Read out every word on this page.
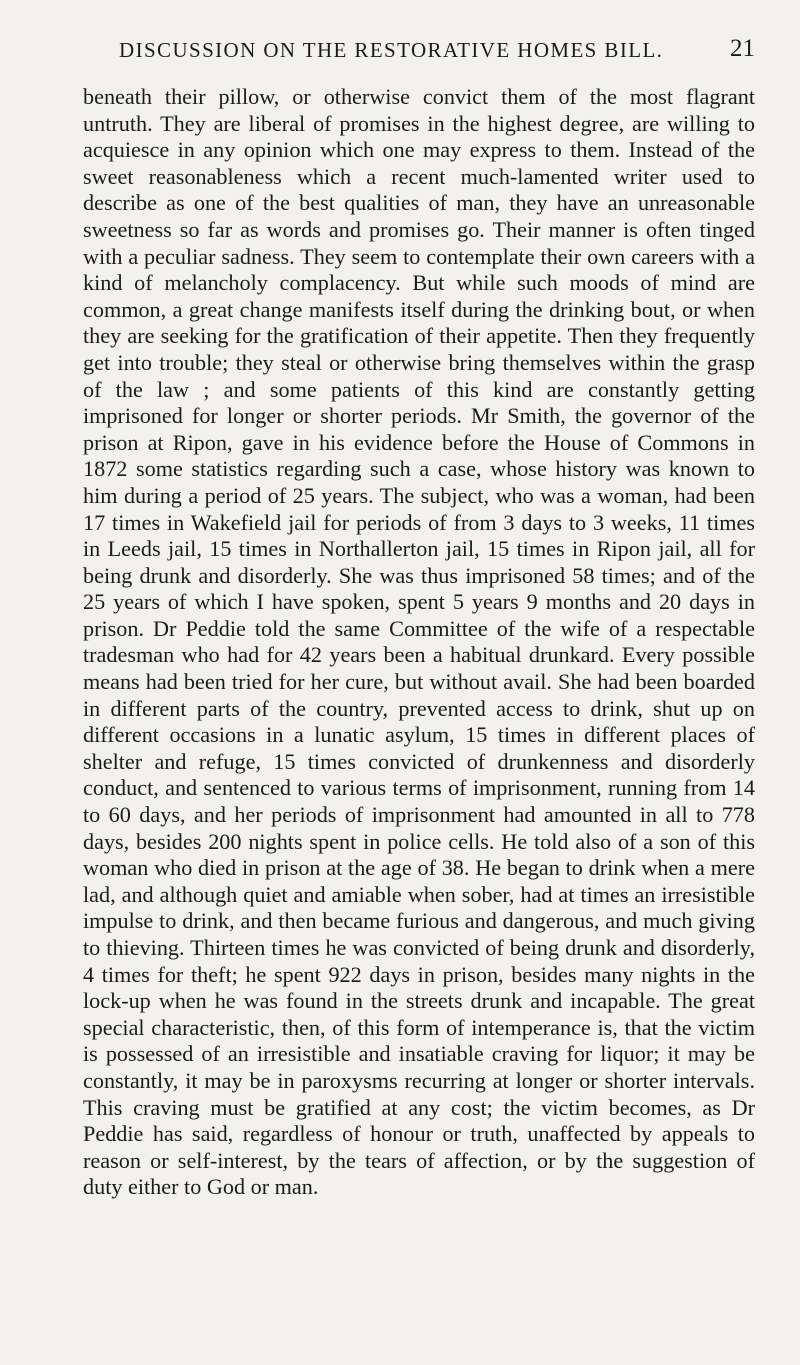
DISCUSSION ON THE RESTORATIVE HOMES BILL.	21

beneath their pillow, or otherwise convict them of the most flagrant untruth. They are liberal of promises in the highest degree, are willing to acquiesce in any opinion which one may express to them. Instead of the sweet reasonableness which a recent much-lamented writer used to describe as one of the best qualities of man, they have an unreasonable sweetness so far as words and promises go. Their manner is often tinged with a peculiar sadness. They seem to contemplate their own careers with a kind of melancholy complacency. But while such moods of mind are common, a great change manifests itself during the drinking bout, or when they are seeking for the gratification of their appetite. Then they frequently get into trouble; they steal or otherwise bring themselves within the grasp of the law ; and some patients of this kind are constantly getting imprisoned for longer or shorter periods. Mr Smith, the governor of the prison at Ripon, gave in his evidence before the House of Commons in 1872 some statistics regarding such a case, whose history was known to him during a period of 25 years. The subject, who was a woman, had been 17 times in Wakefield jail for periods of from 3 days to 3 weeks, 11 times in Leeds jail, 15 times in Northallerton jail, 15 times in Ripon jail, all for being drunk and disorderly. She was thus imprisoned 58 times; and of the 25 years of which I have spoken, spent 5 years 9 months and 20 days in prison. Dr Peddie told the same Committee of the wife of a respectable tradesman who had for 42 years been a habitual drunkard. Every possible means had been tried for her cure, but without avail. She had been boarded in different parts of the country, prevented access to drink, shut up on different occasions in a lunatic asylum, 15 times in different places of shelter and refuge, 15 times convicted of drunkenness and disorderly conduct, and sentenced to various terms of imprisonment, running from 14 to 60 days, and her periods of imprisonment had amounted in all to 778 days, besides 200 nights spent in police cells. He told also of a son of this woman who died in prison at the age of 38. He began to drink when a mere lad, and although quiet and amiable when sober, had at times an irresistible impulse to drink, and then became furious and dangerous, and much giving to thieving. Thirteen times he was convicted of being drunk and disorderly, 4 times for theft; he spent 922 days in prison, besides many nights in the lock-up when he was found in the streets drunk and incapable. The great special characteristic, then, of this form of intemperance is, that the victim is possessed of an irresistible and insatiable craving for liquor; it may be constantly, it may be in paroxysms recurring at longer or shorter intervals. This craving must be gratified at any cost; the victim becomes, as Dr Peddie has said, regardless of honour or truth, unaffected by appeals to reason or self-interest, by the tears of affection, or by the suggestion of duty either to God or man.
